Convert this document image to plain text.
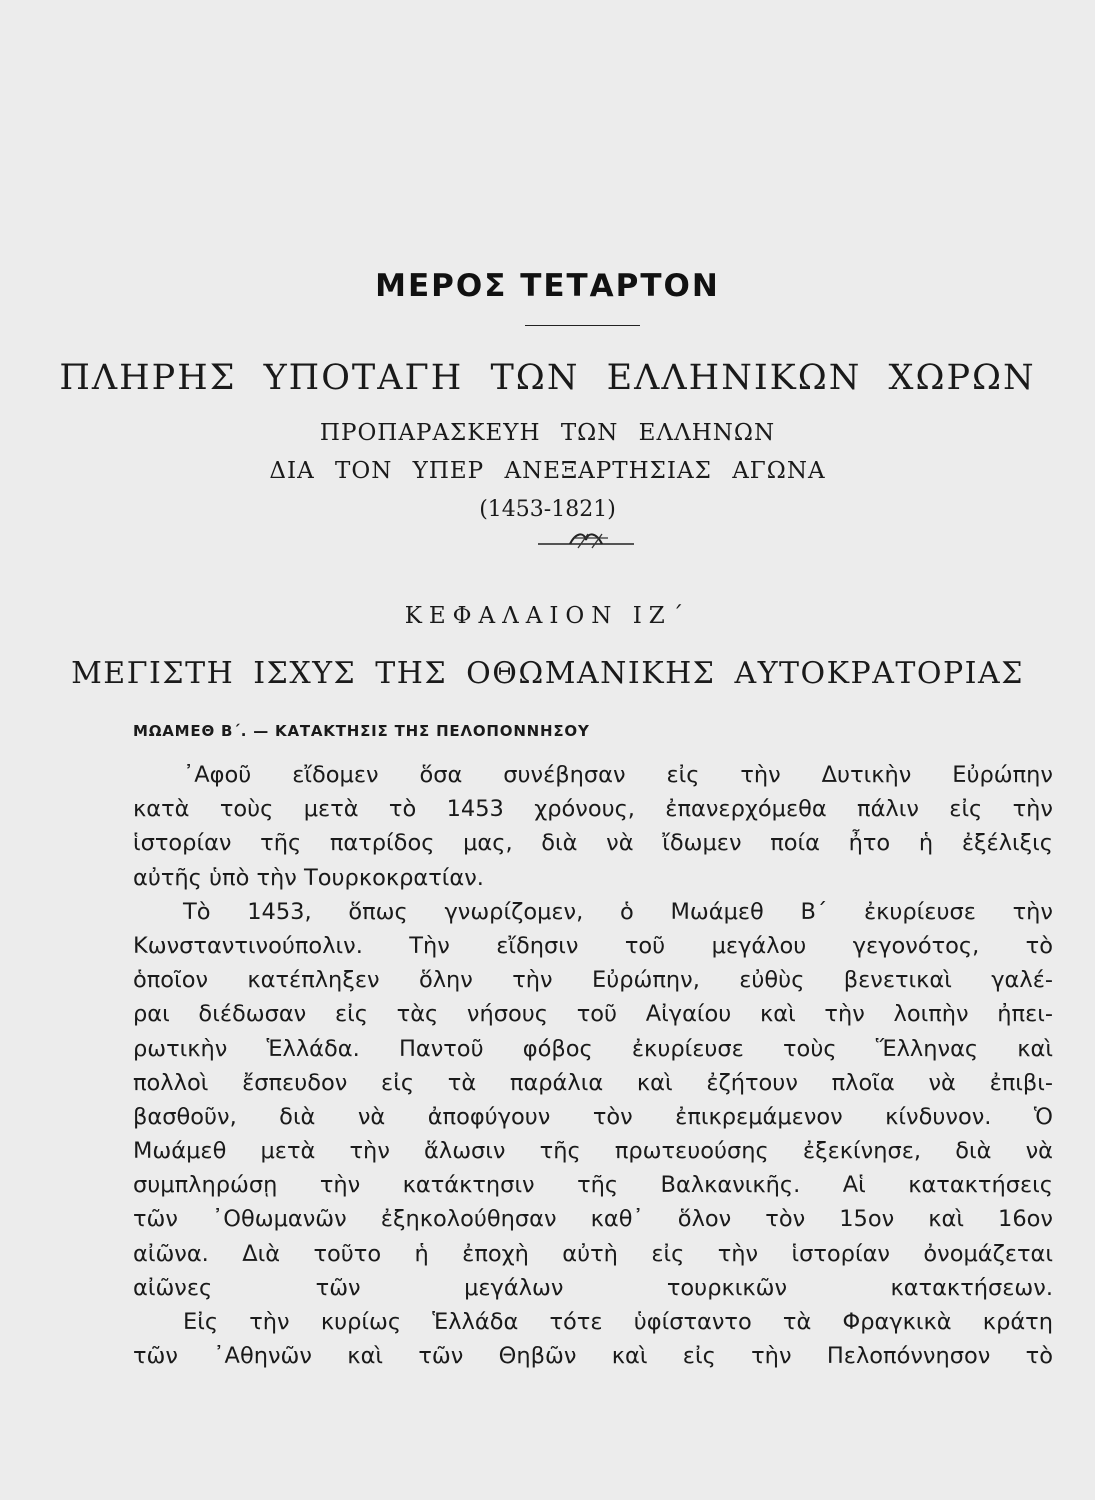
ΜΕΡΟΣ ΤΕΤΑΡΤΟΝ
ΠΛΗΡΗΣ ΥΠΟΤΑΓΗ ΤΩΝ ΕΛΛΗΝΙΚΩΝ ΧΩΡΩΝ
ΠΡΟΠΑΡΑΣΚΕΥΗ ΤΩΝ ΕΛΛΗΝΩΝ
ΔΙΑ ΤΟΝ ΥΠΕΡ ΑΝΕΞΑΡΤΗΣΙΑΣ ΑΓΩΝΑ
(1453-1821)
ΚΕΦΑΛΑΙΟΝ ΙΖ΄
ΜΕΓΙΣΤΗ ΙΣΧΥΣ ΤΗΣ ΟΘΩΜΑΝΙΚΗΣ ΑΥΤΟΚΡΑΤΟΡΙΑΣ
ΜΩΑΜΕΘ Β΄. — ΚΑΤΑΚΤΗΣΙΣ ΤΗΣ ΠΕΛΟΠΟΝΝΗΣΟΥ
᾿Αφοῦ εἴδομεν ὅσα συνέβησαν εἰς τὴν Δυτικὴν Εὐρώπην
κατὰ τοὺς μετὰ τὸ 1453 χρόνους, ἐπανερχόμεθα πάλιν εἰς τὴν
ἱστορίαν τῆς πατρίδος μας, διὰ νὰ ἴδωμεν ποία ἦτο ἡ ἐξέλιξις
αὐτῆς ὑπὸ τὴν Τουρκοκρατίαν.
Τὸ 1453, ὅπως γνωρίζομεν, ὁ Μωάμεθ Β΄ ἐκυρίευσε τὴν
Κωνσταντινούπολιν. Τὴν εἴδησιν τοῦ μεγάλου γεγονότος, τὸ
ὁποῖον κατέπληξεν ὅλην τὴν Εὐρώπην, εὐθὺς βενετικαὶ γαλέ-
ραι διέδωσαν εἰς τὰς νήσους τοῦ Αἰγαίου καὶ τὴν λοιπὴν ἠπει-
ρωτικὴν Ἑλλάδα. Παντοῦ φόβος ἐκυρίευσε τοὺς Ἕλληνας καὶ
πολλοὶ ἔσπευδον εἰς τὰ παράλια καὶ ἐζήτουν πλοῖα νὰ ἐπιβι-
βασθοῦν, διὰ νὰ ἀποφύγουν τὸν ἐπικρεμάμενον κίνδυνον. Ὁ
Μωάμεθ μετὰ τὴν ἅλωσιν τῆς πρωτευούσης ἐξεκίνησε, διὰ νὰ
συμπληρώσῃ τὴν κατάκτησιν τῆς Βαλκανικῆς. Αἱ κατακτήσεις
τῶν ᾿Οθωμανῶν ἐξηκολούθησαν καθ᾿ ὅλον τὸν 15ον καὶ 16ον
αἰῶνα. Διὰ τοῦτο ἡ ἐποχὴ αὐτὴ εἰς τὴν ἱστορίαν ὀνομάζεται
αἰῶνες τῶν μεγάλων τουρκικῶν κατακτήσεων.
Εἰς τὴν κυρίως Ἑλλάδα τότε ὑφίσταντο τὰ Φραγκικὰ κράτη
τῶν ᾿Αθηνῶν καὶ τῶν Θηβῶν καὶ εἰς τὴν Πελοπόννησον τὸ
